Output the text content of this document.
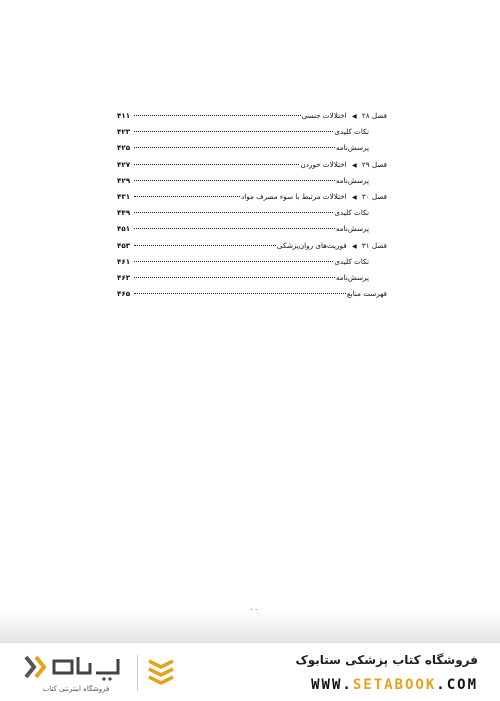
فصل ۲۸ ◀ اختلالات جنسی
۴۱۱
نکات کلیدی
۴۲۳
پرسش‌نامه
۴۲۵
فصل ۲۹ ◀ اختلالات خوردن
۴۲۷
پرسش‌نامه
۴۲۹
فصل ۳۰ ◀ اختلالات مرتبط با سوء مصرف مواد
۴۳۱
نکات کلیدی
۴۴۹
پرسش‌نامه
۴۵۱
فصل ۳۱ ◀ فوریت‌های روان‌پزشکی
۴۵۳
نکات کلیدی
۴۶۱
پرسش‌نامه
۴۶۳
فهرست منابع
۴۶۵
فروشگاه اینترنتی کتاب
فروشگاه کتاب پزشکی ستابوک
WWW.SETABOOK.COM
